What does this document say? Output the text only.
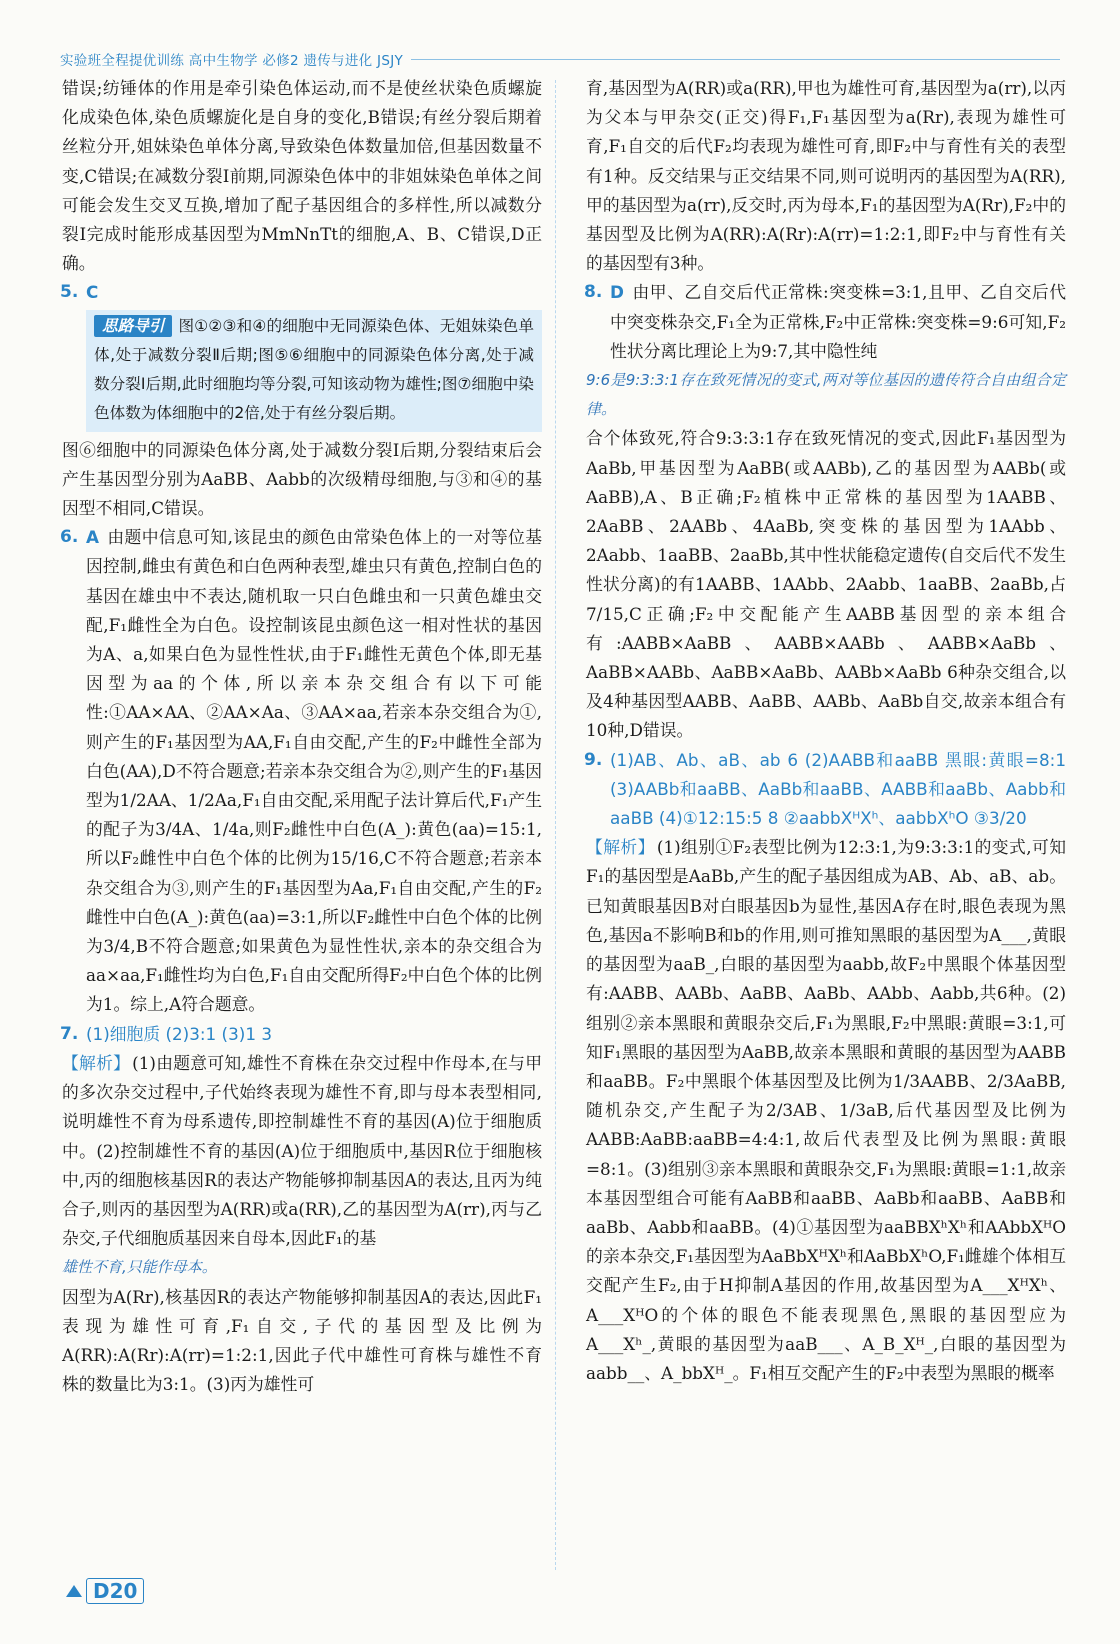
实验班全程提优训练 高中生物学 必修2 遗传与进化 JSJY

错误;纺锤体的作用是牵引染色体运动,而不是使丝状染色质螺旋化成染色体,染色质螺旋化是自身的变化,B错误;有丝分裂后期着丝粒分开,姐妹染色单体分离,导致染色体数量加倍,但基因数量不变,C错误;在减数分裂Ⅰ前期,同源染色体中的非姐妹染色单体之间可能会发生交叉互换,增加了配子基因组合的多样性,所以减数分裂Ⅰ完成时能形成基因型为MmNnTt的细胞,A、B、C错误,D正确。

5. C
思路导引 图①②③和④的细胞中无同源染色体、无姐妹染色单体,处于减数分裂Ⅱ后期;图⑤⑥细胞中的同源染色体分离,处于减数分裂Ⅰ后期,此时细胞均等分裂,可知该动物为雄性;图⑦细胞中染色体数为体细胞中的2倍,处于有丝分裂后期。

图⑥细胞中的同源染色体分离,处于减数分裂Ⅰ后期,分裂结束后会产生基因型分别为AaBB、Aabb的次级精母细胞,与③和④的基因型不相同,C错误。

6. A 由题中信息可知,该昆虫的颜色由常染色体上的一对等位基因控制,雌虫有黄色和白色两种表型,雄虫只有黄色,控制白色的基因在雄虫中不表达,随机取一只白色雌虫和一只黄色雄虫交配,F₁雌性全为白色。设控制该昆虫颜色这一相对性状的基因为A、a,如果白色为显性性状,由于F₁雌性无黄色个体,即无基因型为aa的个体,所以亲本杂交组合有以下可能性:①AA×AA、②AA×Aa、③AA×aa,若亲本杂交组合为①,则产生的F₁基因型为AA,F₁自由交配,产生的F₂中雌性全部为白色(AA),D不符合题意;若亲本杂交组合为②,则产生的F₁基因型为1/2AA、1/2Aa,F₁自由交配,采用配子法计算后代,F₁产生的配子为3/4A、1/4a,则F₂雌性中白色(A_):黄色(aa)=15:1,所以F₂雌性中白色个体的比例为15/16,C不符合题意;若亲本杂交组合为③,则产生的F₁基因型为Aa,F₁自由交配,产生的F₂雌性中白色(A_):黄色(aa)=3:1,所以F₂雌性中白色个体的比例为3/4,B不符合题意;如果黄色为显性性状,亲本的杂交组合为aa×aa,F₁雌性均为白色,F₁自由交配所得F₂中白色个体的比例为1。综上,A符合题意。
7. (1)细胞质 (2)3:1 (3)1 3
【解析】 (1)由题意可知,雄性不育株在杂交过程中作母本,在与甲的多次杂交过程中,子代始终表现为雄性不育,即与母本表型相同,说明雄性不育为母系遗传,即控制雄性不育的基因(A)位于细胞质中。(2)控制雄性不育的基因(A)位于细胞质中,基因R位于细胞核中,丙的细胞核基因R的表达产物能够抑制基因A的表达,且丙为纯合子,则丙的基因型为A(RR)或a(RR),乙的基因型为A(rr),丙与乙杂交,子代细胞质基因来自母本,因此F₁的基
雄性不育,只能作母本。

因型为A(Rr),核基因R的表达产物能够抑制基因A的表达,因此F₁表现为雄性可育,F₁自交,子代的基因型及比例为A(RR):A(Rr):A(rr)=1:2:1,因此子代中雄性可育株与雄性不育株的数量比为3:1。(3)丙为雄性可

育,基因型为A(RR)或a(RR),甲也为雄性可育,基因型为a(rr),以丙为父本与甲杂交(正交)得F₁,F₁基因型为a(Rr),表现为雄性可育,F₁自交的后代F₂均表现为雄性可育,即F₂中与育性有关的表型有1种。反交结果与正交结果不同,则可说明丙的基因型为A(RR),甲的基因型为a(rr),反交时,丙为母本,F₁的基因型为A(Rr),F₂中的基因型及比例为A(RR):A(Rr):A(rr)=1:2:1,即F₂中与育性有关的基因型有3种。

8. D 由甲、乙自交后代正常株:突变株=3:1,且甲、乙自交后代中突变株杂交,F₁全为正常株,F₂中正常株:突变株=9:6可知,F₂性状分离比理论上为9:7,其中隐性纯
9:6是9:3:3:1存在致死情况的变式,两对等位基因的遗传符合自由组合定律。

合个体致死,符合9:3:3:1存在致死情况的变式,因此F₁基因型为AaBb,甲基因型为AaBB(或AABb),乙的基因型为AABb(或AaBB),A、B正确;F₂植株中正常株的基因型为1AABB、2AaBB、2AABb、4AaBb,突变株的基因型为1AAbb、2Aabb、1aaBB、2aaBb,其中性状能稳定遗传(自交后代不发生性状分离)的有1AABB、1AAbb、2Aabb、1aaBB、2aaBb,占7/15,C正确;F₂中交配能产生AABB基因型的亲本组合有:AABB×AaBB、AABB×AABb、AABB×AaBb、AaBB×AABb、AaBB×AaBb、AABb×AaBb 6种杂交组合,以及4种基因型AABB、AaBB、AABb、AaBb自交,故亲本组合有10种,D错误。

9. (1)AB、Ab、aB、ab 6 (2)AABB和aaBB 黑眼:黄眼=8:1 (3)AABb和aaBB、AaBb和aaBB、AABB和aaBb、Aabb和aaBB (4)①12:15:5 8 ②aabbXᴴXʰ、aabbXʰO ③3/20
【解析】 (1)组别①F₂表型比例为12:3:1,为9:3:3:1的变式,可知F₁的基因型是AaBb,产生的配子基因组成为AB、Ab、aB、ab。已知黄眼基因B对白眼基因b为显性,基因A存在时,眼色表现为黑色,基因a不影响B和b的作用,则可推知黑眼的基因型为A___,黄眼的基因型为aaB_,白眼的基因型为aabb,故F₂中黑眼个体基因型有:AABB、AABb、AaBB、AaBb、AAbb、Aabb,共6种。(2)组别②亲本黑眼和黄眼杂交后,F₁为黑眼,F₂中黑眼:黄眼=3:1,可知F₁黑眼的基因型为AaBB,故亲本黑眼和黄眼的基因型为AABB和aaBB。F₂中黑眼个体基因型及比例为1/3AABB、2/3AaBB,随机杂交,产生配子为2/3AB、1/3aB,后代基因型及比例为AABB:AaBB:aaBB=4:4:1,故后代表型及比例为黑眼:黄眼=8:1。(3)组别③亲本黑眼和黄眼杂交,F₁为黑眼:黄眼=1:1,故亲本基因型组合可能有AaBB和aaBB、AaBb和aaBB、AaBB和aaBb、Aabb和aaBB。(4)①基因型为aaBBXʰXʰ和AAbbXᴴO的亲本杂交,F₁基因型为AaBbXᴴXʰ和AaBbXʰO,F₁雌雄个体相互交配产生F₂,由于H抑制A基因的作用,故基因型为A___XᴴXʰ、A___XᴴO的个体的眼色不能表现黑色,黑眼的基因型应为A___Xʰ_,黄眼的基因型为aaB___、A_B_Xᴴ_,白眼的基因型为aabb__、A_bbXᴴ_。F₁相互交配产生的F₂中表型为黑眼的概率
D20
